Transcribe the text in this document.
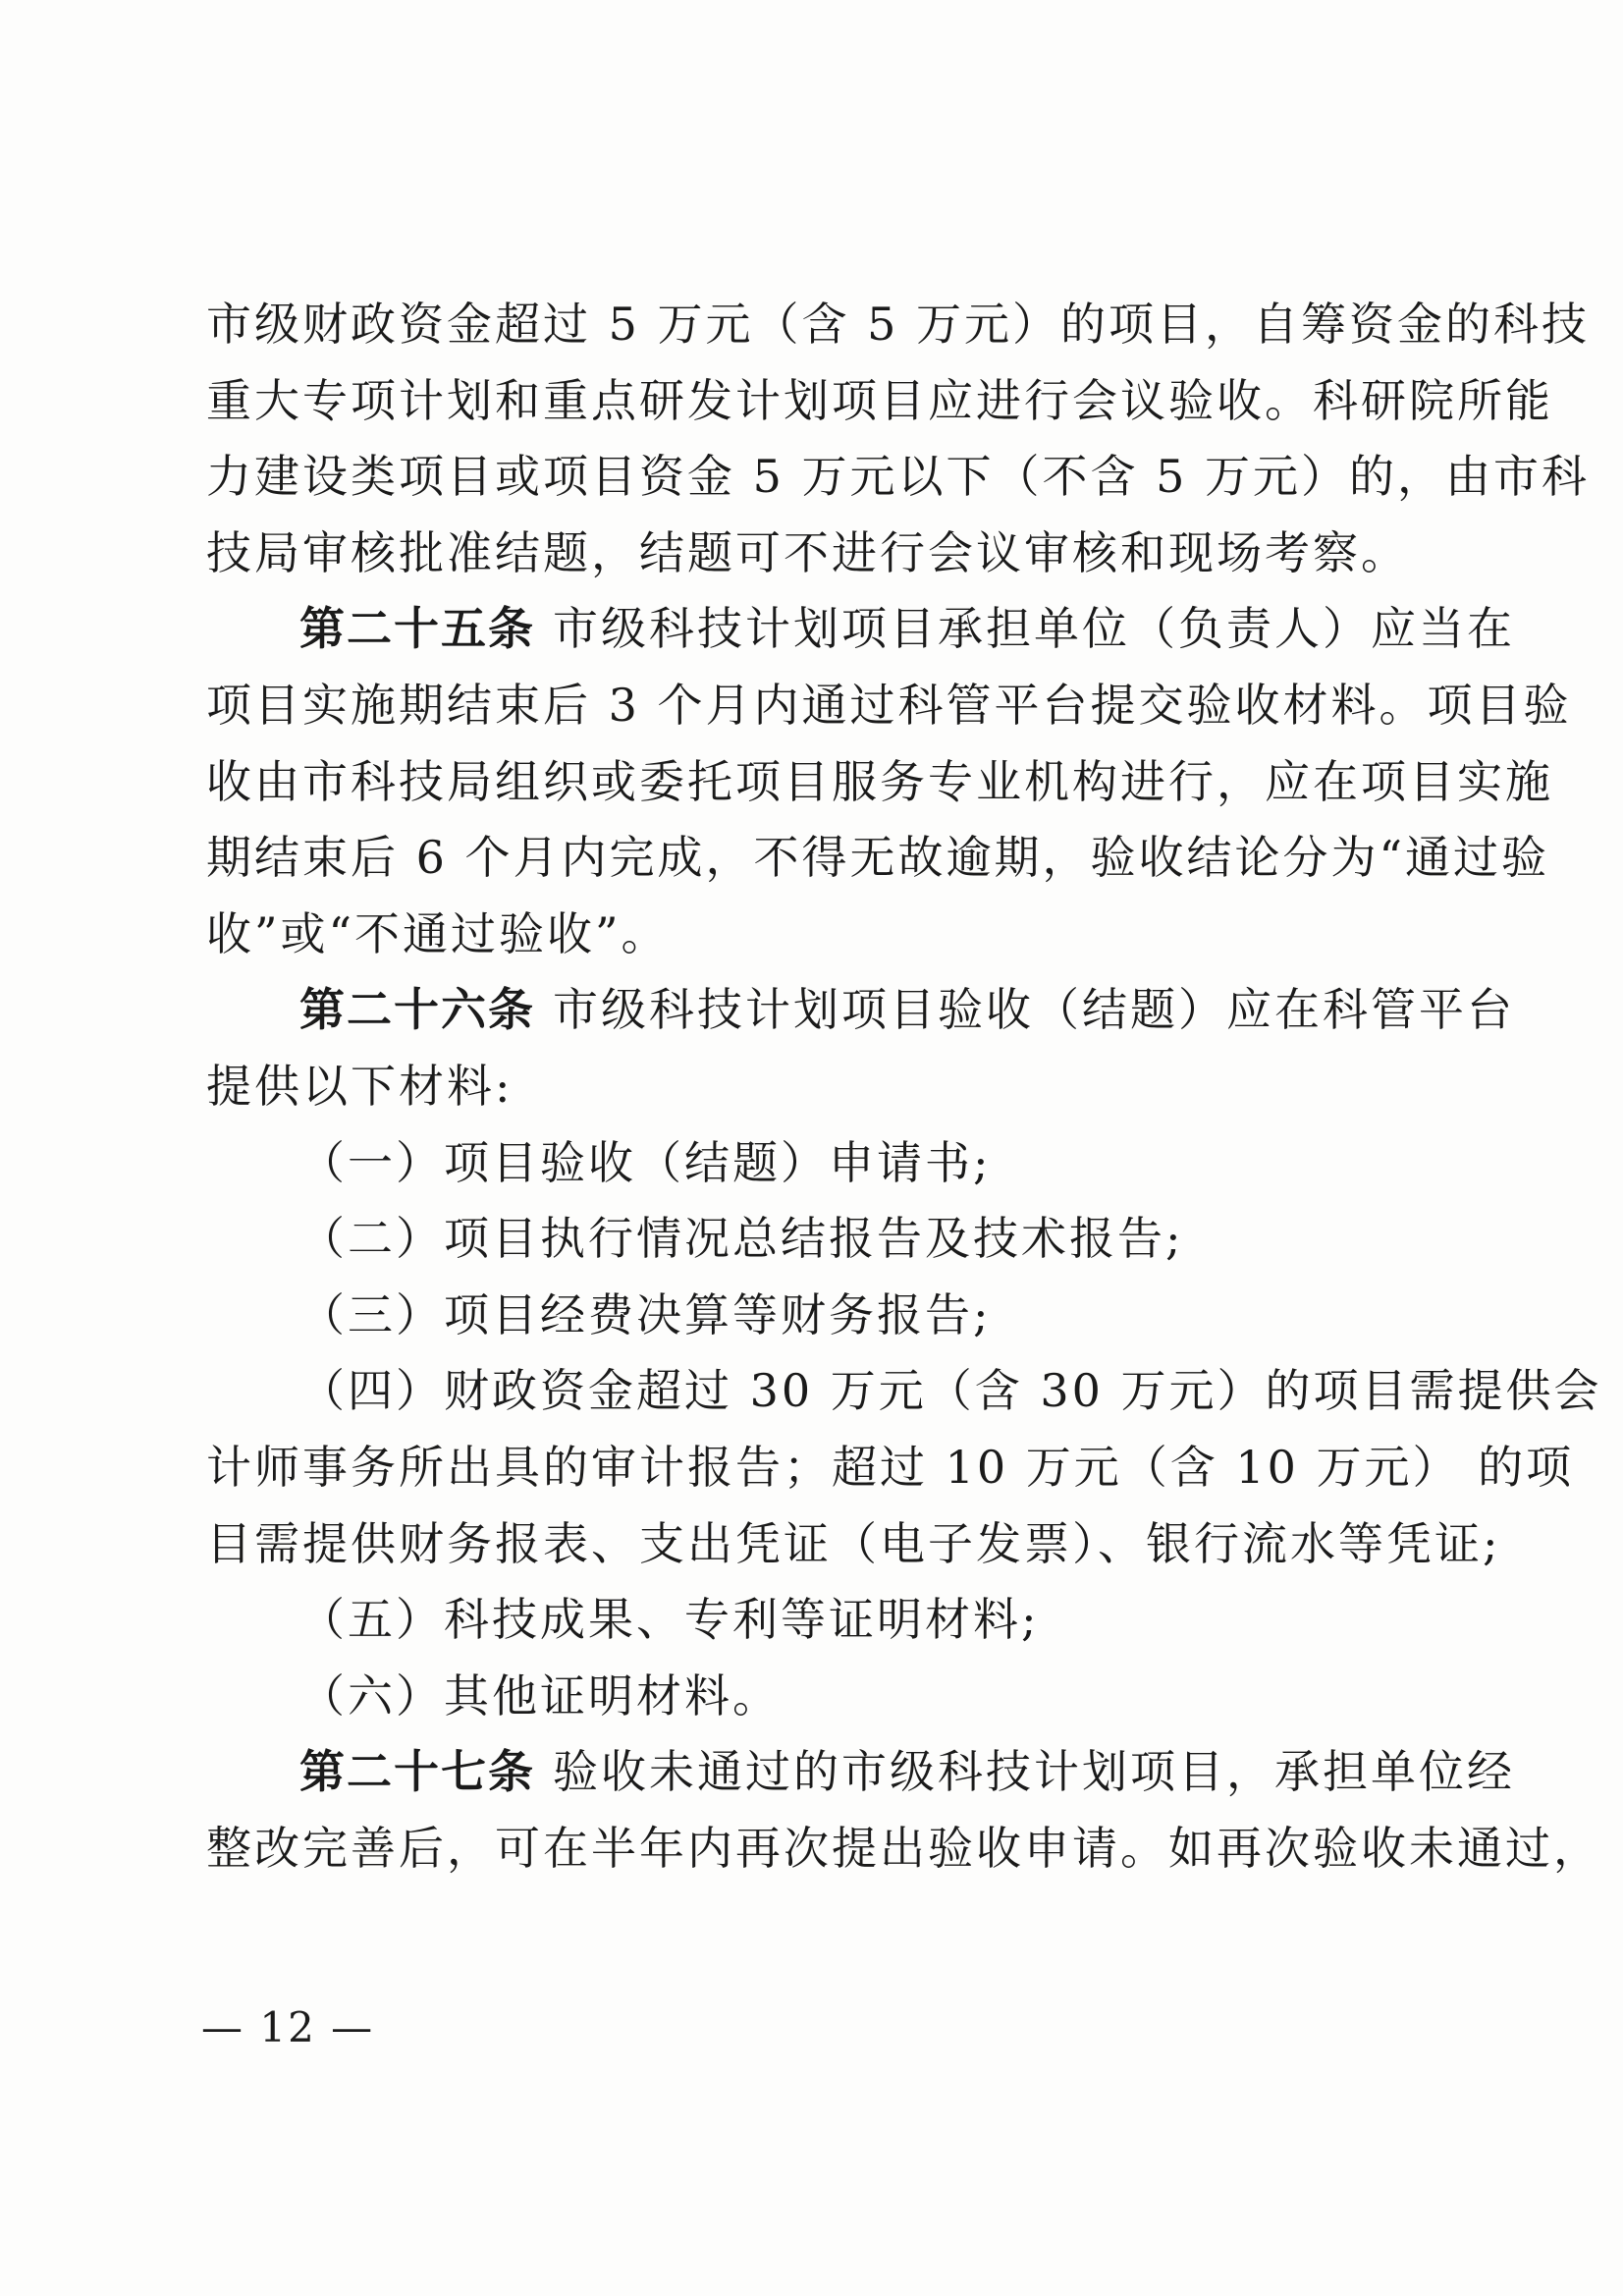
市级财政资金超过 5 万元（含 5 万元）的项目，自筹资金的科技
重大专项计划和重点研发计划项目应进行会议验收。科研院所能
力建设类项目或项目资金 5 万元以下（不含 5 万元）的，由市科
技局审核批准结题，结题可不进行会议审核和现场考察。
第二十五条 市级科技计划项目承担单位（负责人）应当在
项目实施期结束后 3 个月内通过科管平台提交验收材料。项目验
收由市科技局组织或委托项目服务专业机构进行，应在项目实施
期结束后 6 个月内完成，不得无故逾期，验收结论分为“通过验
收”或“不通过验收”。
第二十六条 市级科技计划项目验收（结题）应在科管平台
提供以下材料:
（一）项目验收（结题）申请书;
（二）项目执行情况总结报告及技术报告;
（三）项目经费决算等财务报告;
（四）财政资金超过 30 万元（含 30 万元）的项目需提供会
计师事务所出具的审计报告；超过 10 万元（含 10 万元） 的项
目需提供财务报表、支出凭证（电子发票）、银行流水等凭证;
（五）科技成果、专利等证明材料;
（六）其他证明材料。
第二十七条 验收未通过的市级科技计划项目，承担单位经
整改完善后，可在半年内再次提出验收申请。如再次验收未通过，
— 12 —
